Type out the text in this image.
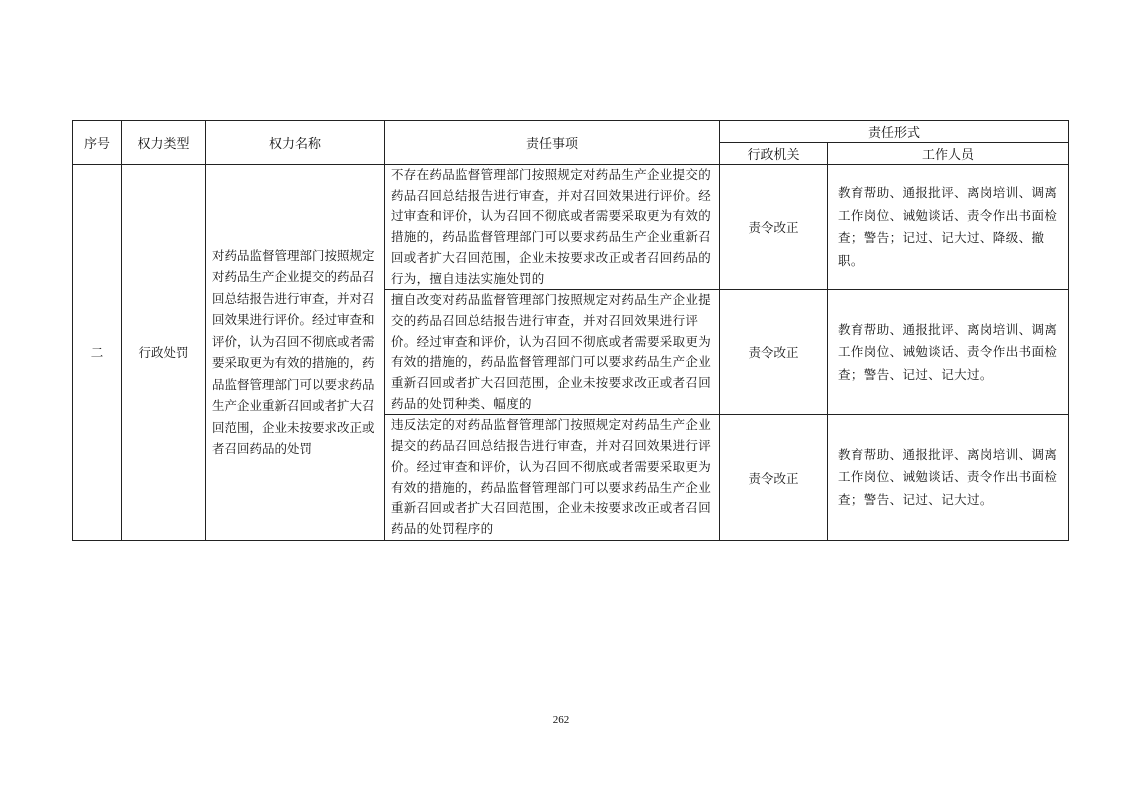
序号	权力类型	权力名称	责任事项	责任形式	
				行政机关	工作人员
二	行政处罚	对药品监督管理部门按照规定对药品生产企业提交的药品召回总结报告进行审查，并对召回效果进行评价。经过审查和评价，认为召回不彻底或者需要采取更为有效的措施的，药品监督管理部门可以要求药品生产企业重新召回或者扩大召回范围，企业未按要求改正或者召回药品的处罚	不存在药品监督管理部门按照规定对药品生产企业提交的药品召回总结报告进行审查，并对召回效果进行评价。经过审查和评价，认为召回不彻底或者需要采取更为有效的措施的，药品监督管理部门可以要求药品生产企业重新召回或者扩大召回范围，企业未按要求改正或者召回药品的行为，擅自违法实施处罚的	责令改正	教育帮助、通报批评、离岗培训、调离工作岗位、诫勉谈话、责令作出书面检查；警告；记过、记大过、降级、撤职。
			擅自改变对药品监督管理部门按照规定对药品生产企业提交的药品召回总结报告进行审查，并对召回效果进行评价。经过审查和评价，认为召回不彻底或者需要采取更为有效的措施的，药品监督管理部门可以要求药品生产企业重新召回或者扩大召回范围，企业未按要求改正或者召回药品的处罚种类、幅度的	责令改正	教育帮助、通报批评、离岗培训、调离工作岗位、诫勉谈话、责令作出书面检查；警告、记过、记大过。
			违反法定的对药品监督管理部门按照规定对药品生产企业提交的药品召回总结报告进行审查，并对召回效果进行评价。经过审查和评价，认为召回不彻底或者需要采取更为有效的措施的，药品监督管理部门可以要求药品生产企业重新召回或者扩大召回范围，企业未按要求改正或者召回药品的处罚程序的	责令改正	教育帮助、通报批评、离岗培训、调离工作岗位、诫勉谈话、责令作出书面检查；警告、记过、记大过。
262
